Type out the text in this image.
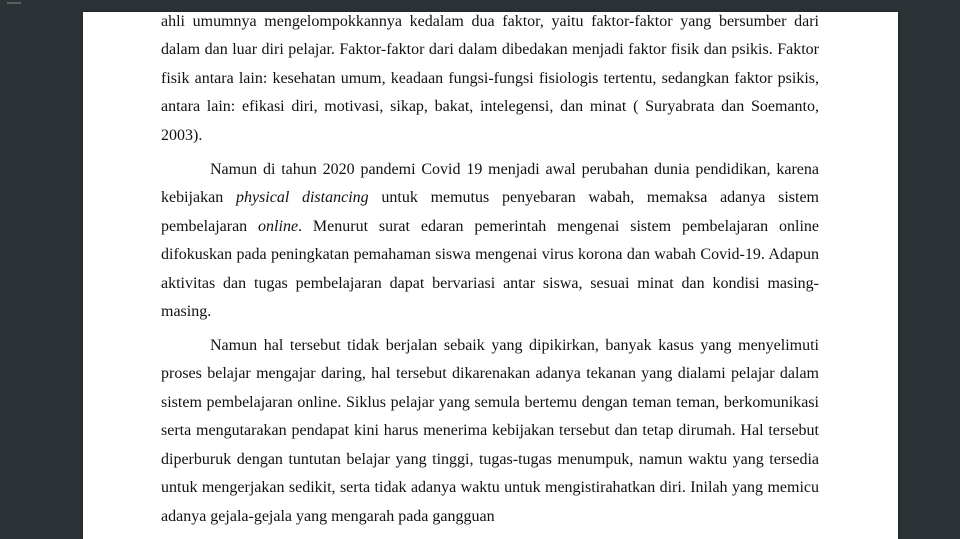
ahli umumnya mengelompokkannya kedalam dua faktor, yaitu faktor-faktor yang bersumber dari dalam dan luar diri pelajar. Faktor-faktor dari dalam dibedakan menjadi faktor fisik dan psikis. Faktor fisik antara lain: kesehatan umum, keadaan fungsi-fungsi fisiologis tertentu, sedangkan faktor psikis, antara lain: efikasi diri, motivasi, sikap, bakat, intelegensi, dan minat ( Suryabrata dan Soemanto, 2003).

Namun di tahun 2020 pandemi Covid 19 menjadi awal perubahan dunia pendidikan, karena kebijakan physical distancing untuk memutus penyebaran wabah, memaksa adanya sistem pembelajaran online. Menurut surat edaran pemerintah mengenai sistem pembelajaran online difokuskan pada peningkatan pemahaman siswa mengenai virus korona dan wabah Covid-19. Adapun aktivitas dan tugas pembelajaran dapat bervariasi antar siswa, sesuai minat dan kondisi masing-masing.

Namun hal tersebut tidak berjalan sebaik yang dipikirkan, banyak kasus yang menyelimuti proses belajar mengajar daring, hal tersebut dikarenakan adanya tekanan yang dialami pelajar dalam sistem pembelajaran online. Siklus pelajar yang semula bertemu dengan teman teman, berkomunikasi serta mengutarakan pendapat kini harus menerima kebijakan tersebut dan tetap dirumah. Hal tersebut diperburuk dengan tuntutan belajar yang tinggi, tugas-tugas menumpuk, namun waktu yang tersedia untuk mengerjakan sedikit, serta tidak adanya waktu untuk mengistirahatkan diri. Inilah yang memicu adanya gejala-gejala yang mengarah pada gangguan
